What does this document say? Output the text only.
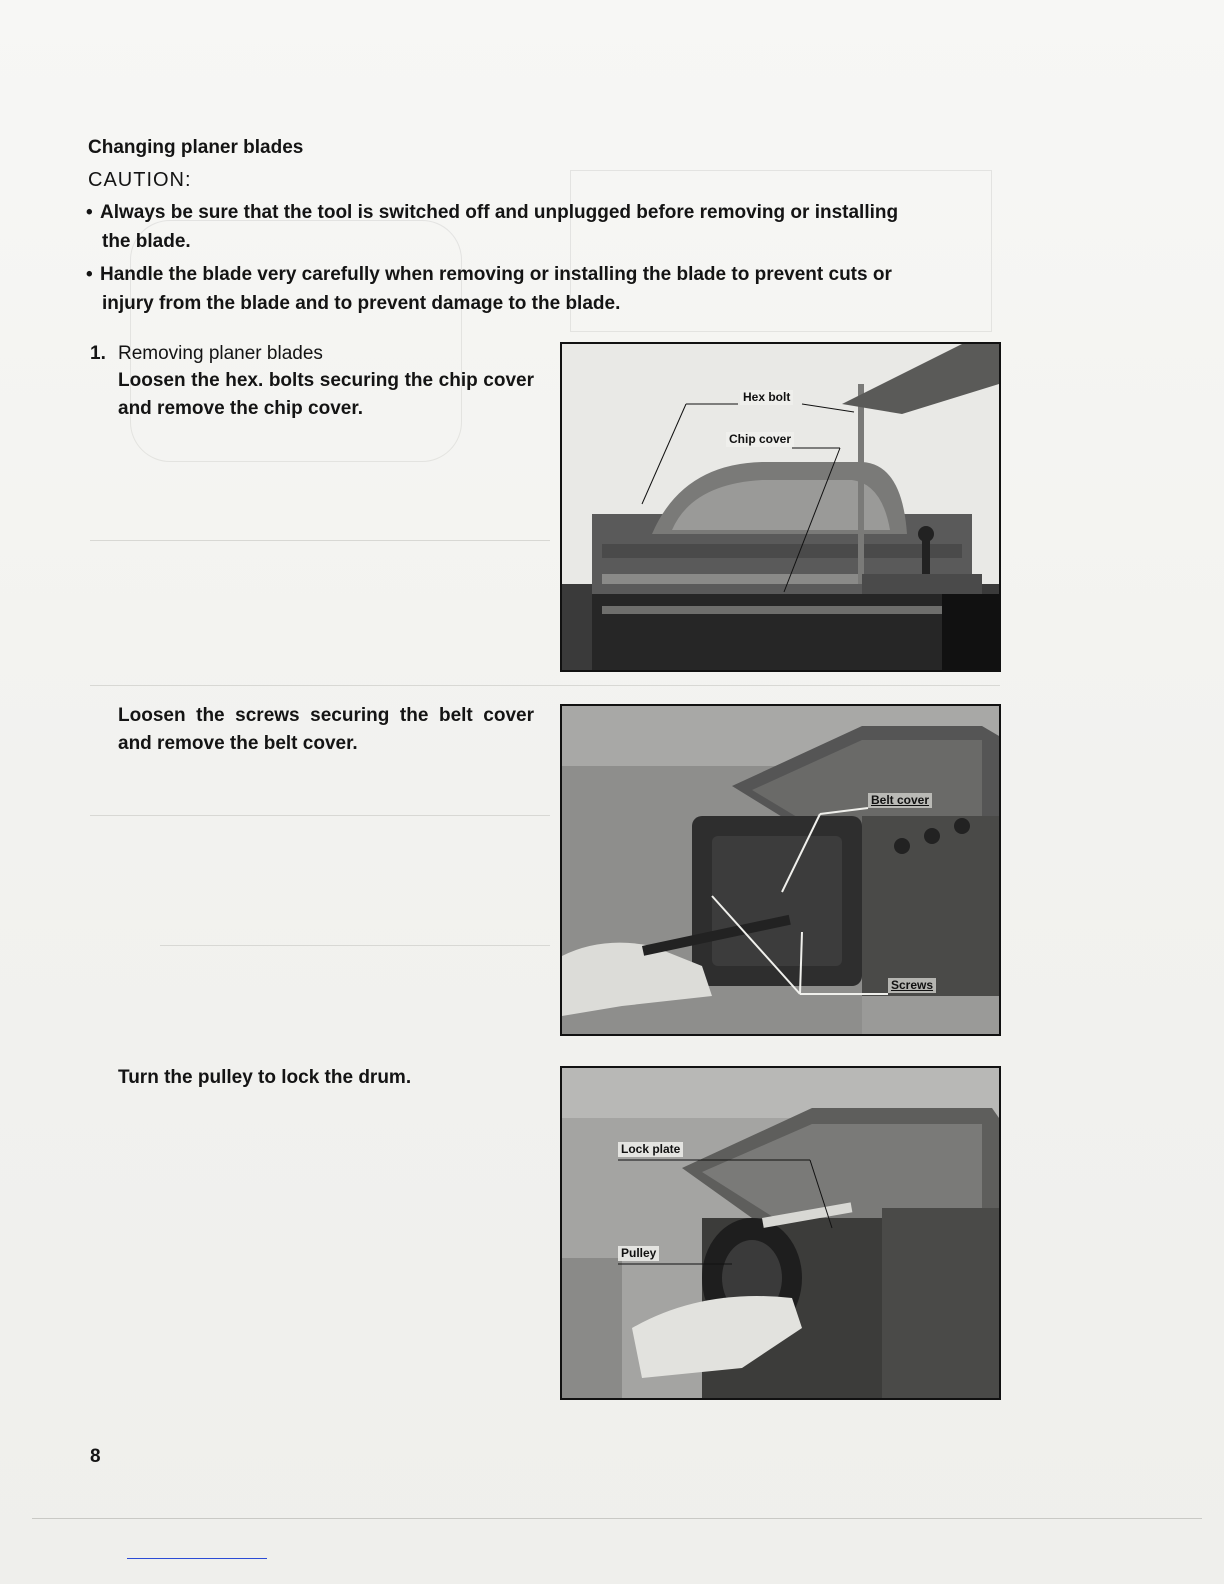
Changing planer blades
CAUTION:
• Always be sure that the tool is switched off and unplugged before removing or installing
the blade.
• Handle the blade very carefully when removing or installing the blade to prevent cuts or
injury from the blade and to prevent damage to the blade.
1. Removing planer blades
Loosen the hex. bolts securing the chip cover and remove the chip cover.
Loosen the screws securing the belt cover and remove the belt cover.
Turn the pulley to lock the drum.
Hex bolt
Chip cover
Belt cover
Screws
Lock plate
Pulley
8
